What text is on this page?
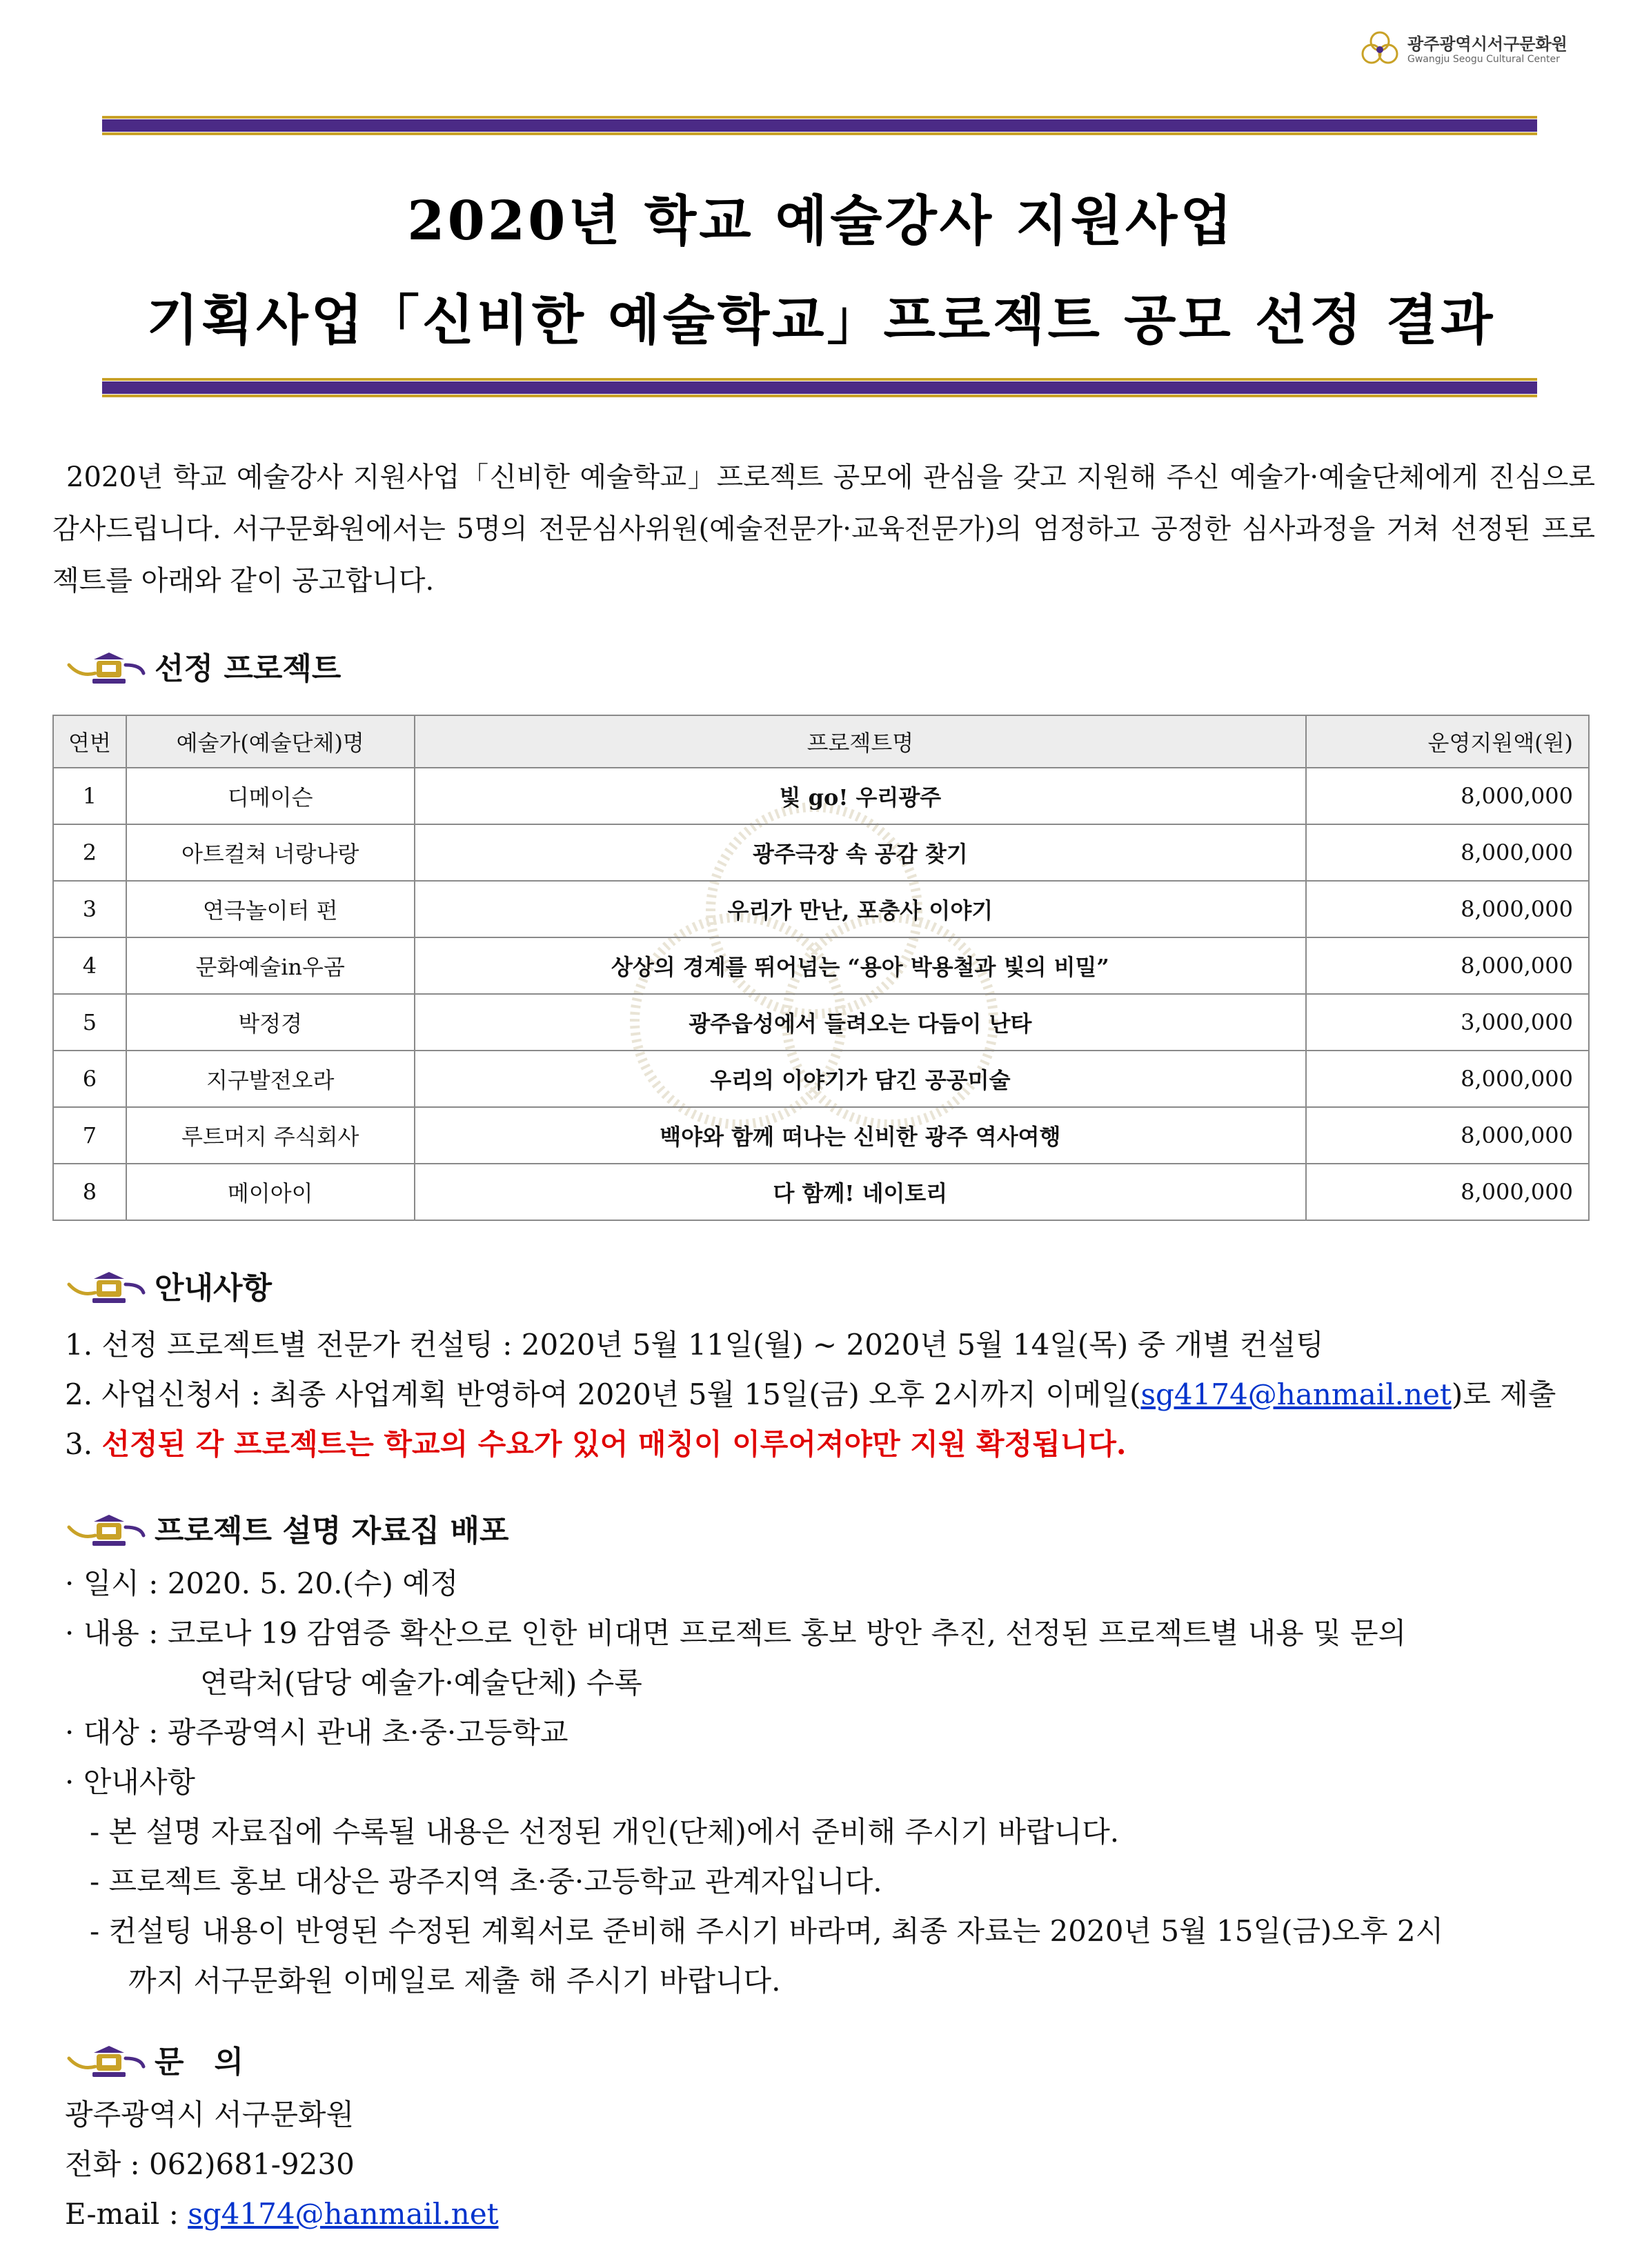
광주광역시서구문화원
Gwangju Seogu Cultural Center
2020년 학교 예술강사 지원사업
기획사업「신비한 예술학교」프로젝트 공모 선정 결과
2020년 학교 예술강사 지원사업「신비한 예술학교」프로젝트 공모에 관심을 갖고 지원해 주신 예술가·예술단체에게 진심으로 감사드립니다. 서구문화원에서는 5명의 전문심사위원(예술전문가·교육전문가)의 엄정하고 공정한 심사과정을 거쳐 선정된 프로젝트를 아래와 같이 공고합니다.
선정 프로젝트
연번	예술가(예술단체)명	프로젝트명	운영지원액(원)
1	디메이슨	빛 go! 우리광주	8,000,000
2	아트컬쳐 너랑나랑	광주극장 속 공감 찾기	8,000,000
3	연극놀이터 펀	우리가 만난, 포충사 이야기	8,000,000
4	문화예술in우곰	상상의 경계를 뛰어넘는 “용아 박용철과 빛의 비밀”	8,000,000
5	박정경	광주읍성에서 들려오는 다듬이 난타	3,000,000
6	지구발전오라	우리의 이야기가 담긴 공공미술	8,000,000
7	루트머지 주식회사	백야와 함께 떠나는 신비한 광주 역사여행	8,000,000
8	메이아이	다 함께! 네이토리	8,000,000
안내사항
1. 선정 프로젝트별 전문가 컨설팅 : 2020년 5월 11일(월) ~ 2020년 5월 14일(목) 중 개별 컨설팅
2. 사업신청서 : 최종 사업계획 반영하여 2020년 5월 15일(금) 오후 2시까지 이메일(sg4174@hanmail.net)로 제출
3. 선정된 각 프로젝트는 학교의 수요가 있어 매칭이 이루어져야만 지원 확정됩니다.
프로젝트 설명 자료집 배포
· 일시 : 2020. 5. 20.(수) 예정
· 내용 : 코로나 19 감염증 확산으로 인한 비대면 프로젝트 홍보 방안 추진, 선정된 프로젝트별 내용 및 문의
연락처(담당 예술가·예술단체) 수록
· 대상 : 광주광역시 관내 초·중·고등학교
· 안내사항
- 본 설명 자료집에 수록될 내용은 선정된 개인(단체)에서 준비해 주시기 바랍니다.
- 프로젝트 홍보 대상은 광주지역 초·중·고등학교 관계자입니다.
- 컨설팅 내용이 반영된 수정된 계획서로 준비해 주시기 바라며, 최종 자료는 2020년 5월 15일(금)오후 2시
까지 서구문화원 이메일로 제출 해 주시기 바랍니다.
문　의
광주광역시 서구문화원
전화 : 062)681-9230
E-mail : sg4174@hanmail.net
